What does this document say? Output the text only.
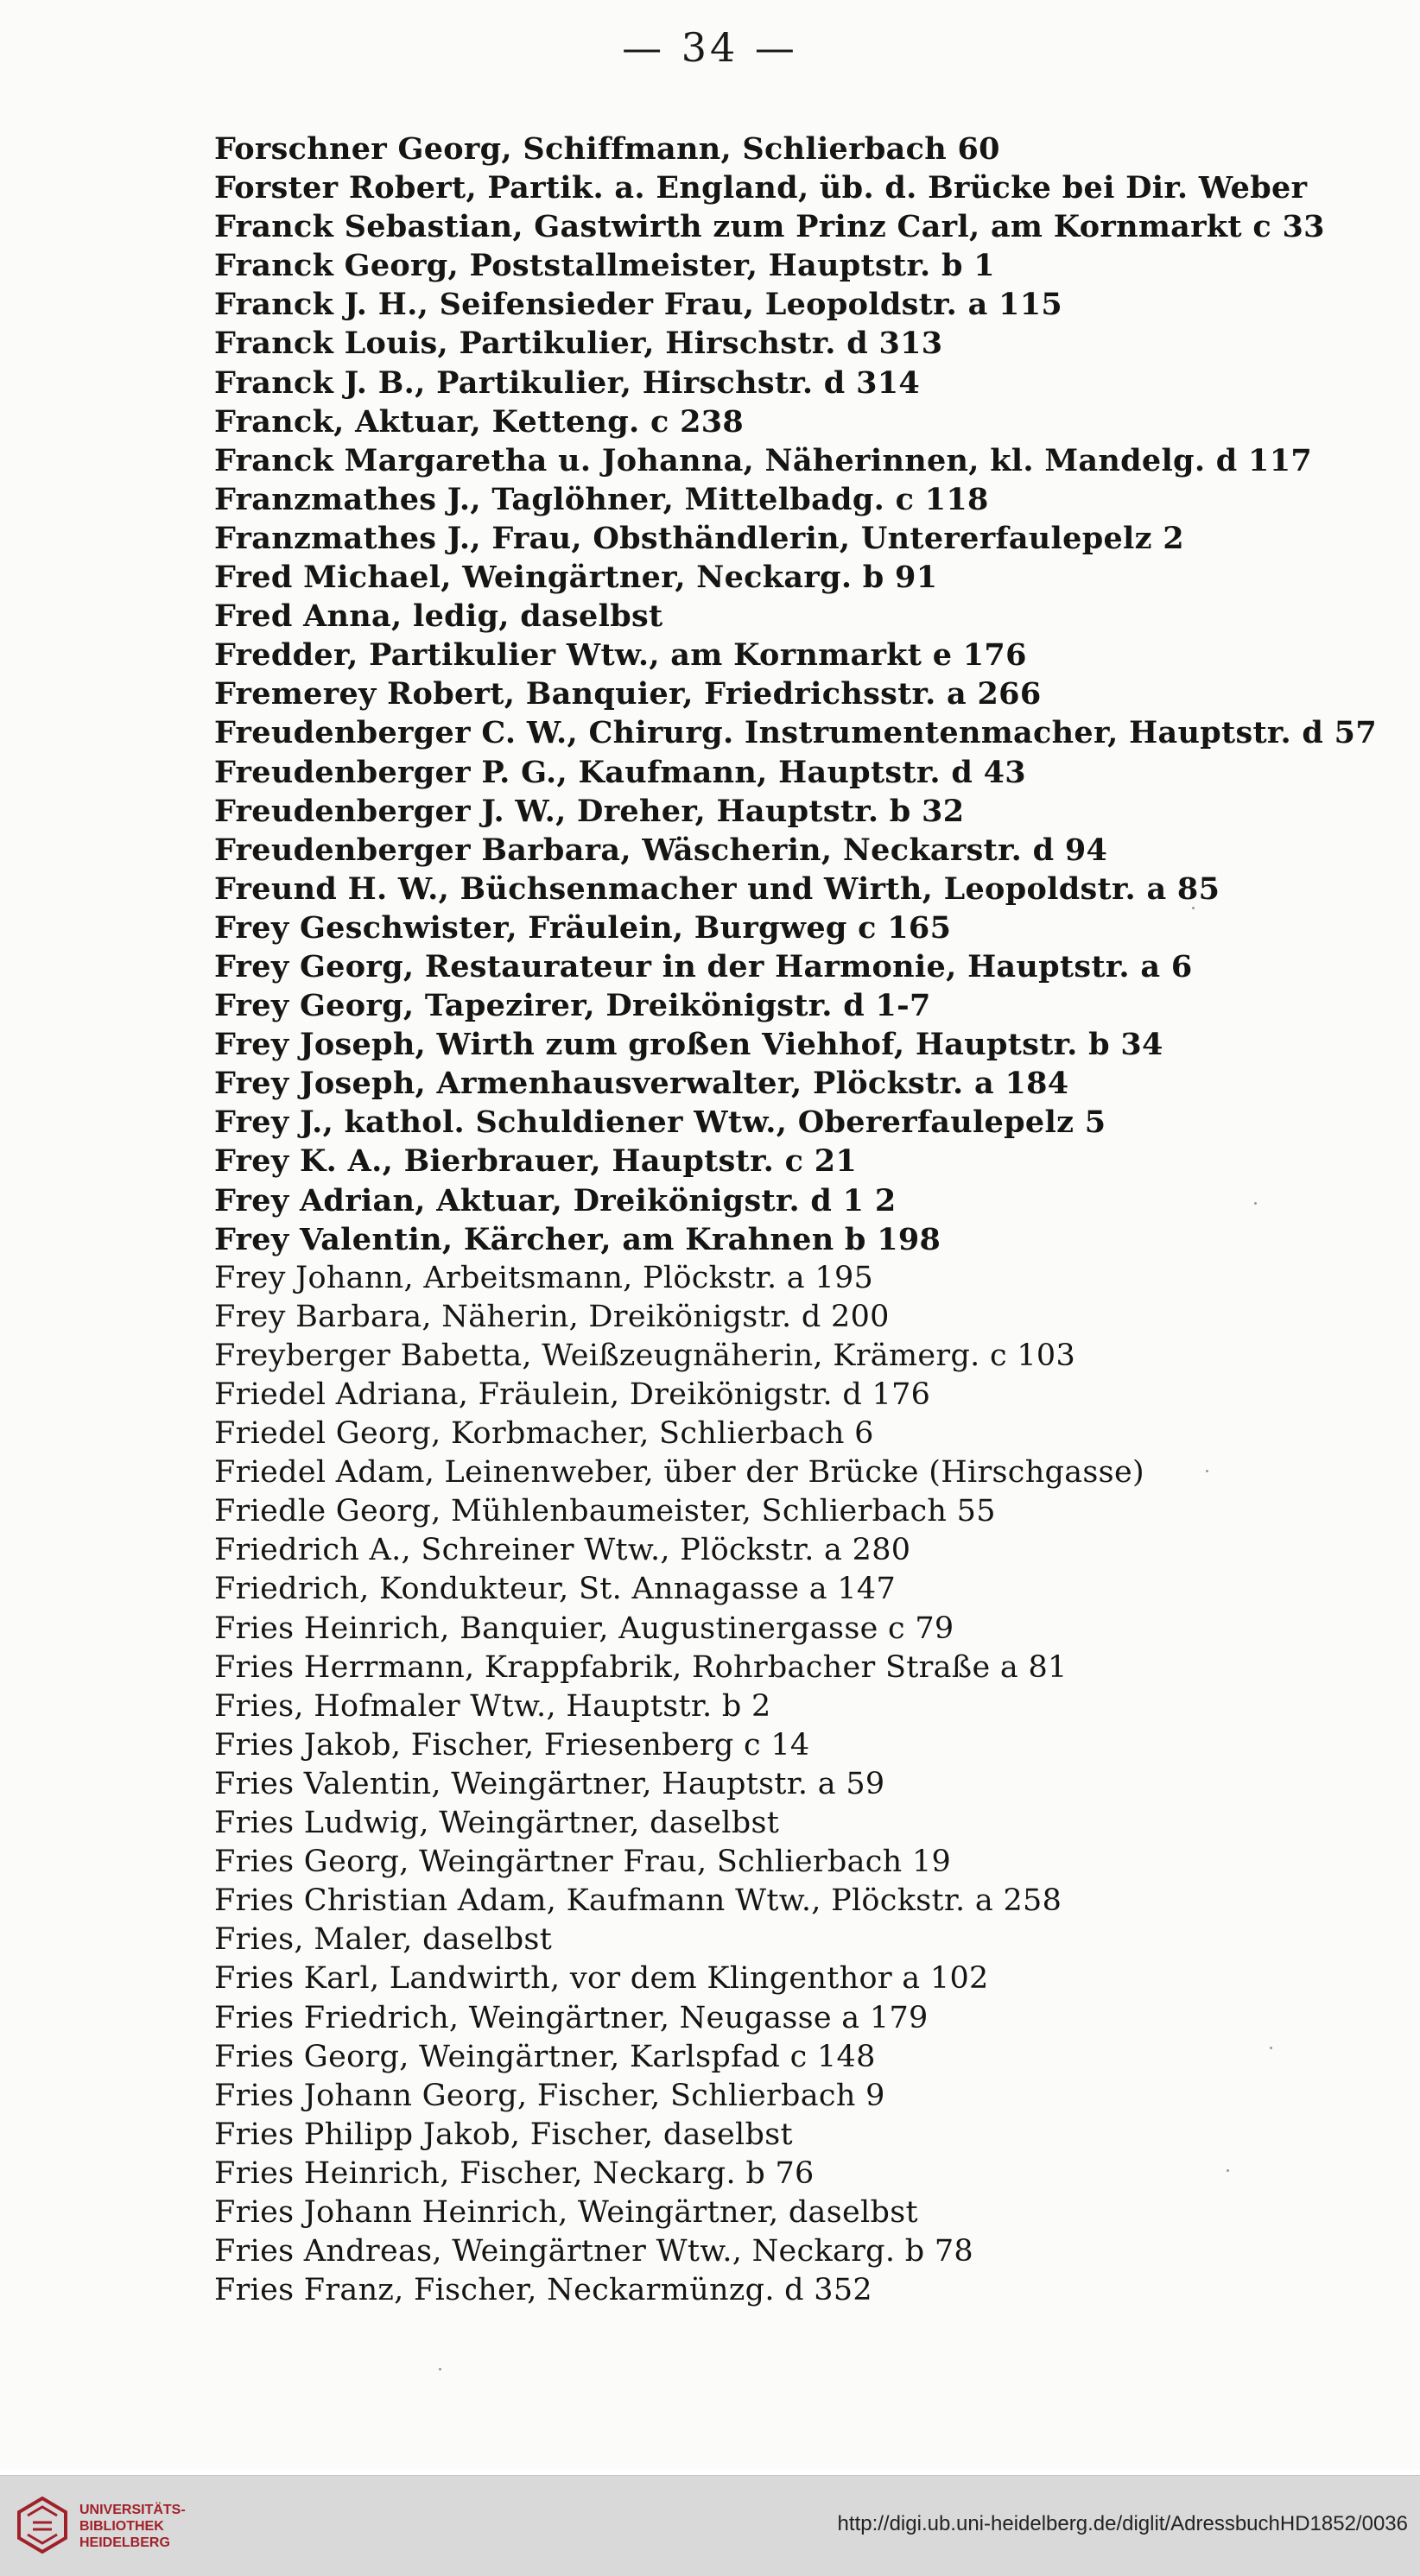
— 34 —
Forschner Georg, Schiffmann, Schlierbach 60
Forster Robert, Partik. a. England, üb. d. Brücke bei Dir. Weber
Franck Sebastian, Gastwirth zum Prinz Carl, am Kornmarkt c 33
Franck Georg, Poststallmeister, Hauptstr. b 1
Franck J. H., Seifensieder Frau, Leopoldstr. a 115
Franck Louis, Partikulier, Hirschstr. d 313
Franck J. B., Partikulier, Hirschstr. d 314
Franck, Aktuar, Ketteng. c 238
Franck Margaretha u. Johanna, Näherinnen, kl. Mandelg. d 117
Franzmathes J., Taglöhner, Mittelbadg. c 118
Franzmathes J., Frau, Obsthändlerin, Untererfaulepelz 2
Fred Michael, Weingärtner, Neckarg. b 91
Fred Anna, ledig, daselbst
Fredder, Partikulier Wtw., am Kornmarkt e 176
Fremerey Robert, Banquier, Friedrichsstr. a 266
Freudenberger C. W., Chirurg. Instrumentenmacher, Hauptstr. d 57
Freudenberger P. G., Kaufmann, Hauptstr. d 43
Freudenberger J. W., Dreher, Hauptstr. b 32
Freudenberger Barbara, Wäscherin, Neckarstr. d 94
Freund H. W., Büchsenmacher und Wirth, Leopoldstr. a 85
Frey Geschwister, Fräulein, Burgweg c 165
Frey Georg, Restaurateur in der Harmonie, Hauptstr. a 6
Frey Georg, Tapezirer, Dreikönigstr. d 1-7
Frey Joseph, Wirth zum großen Viehhof, Hauptstr. b 34
Frey Joseph, Armenhausverwalter, Plöckstr. a 184
Frey J., kathol. Schuldiener Wtw., Obererfaulepelz 5
Frey K. A., Bierbrauer, Hauptstr. c 21
Frey Adrian, Aktuar, Dreikönigstr. d 1 2
Frey Valentin, Kärcher, am Krahnen b 198
Frey Johann, Arbeitsmann, Plöckstr. a 195
Frey Barbara, Näherin, Dreikönigstr. d 200
Freyberger Babetta, Weißzeugnäherin, Krämerg. c 103
Friedel Adriana, Fräulein, Dreikönigstr. d 176
Friedel Georg, Korbmacher, Schlierbach 6
Friedel Adam, Leinenweber, über der Brücke (Hirschgasse)
Friedle Georg, Mühlenbaumeister, Schlierbach 55
Friedrich A., Schreiner Wtw., Plöckstr. a 280
Friedrich, Kondukteur, St. Annagasse a 147
Fries Heinrich, Banquier, Augustinergasse c 79
Fries Herrmann, Krappfabrik, Rohrbacher Straße a 81
Fries, Hofmaler Wtw., Hauptstr. b 2
Fries Jakob, Fischer, Friesenberg c 14
Fries Valentin, Weingärtner, Hauptstr. a 59
Fries Ludwig, Weingärtner, daselbst
Fries Georg, Weingärtner Frau, Schlierbach 19
Fries Christian Adam, Kaufmann Wtw., Plöckstr. a 258
Fries, Maler, daselbst
Fries Karl, Landwirth, vor dem Klingenthor a 102
Fries Friedrich, Weingärtner, Neugasse a 179
Fries Georg, Weingärtner, Karlspfad c 148
Fries Johann Georg, Fischer, Schlierbach 9
Fries Philipp Jakob, Fischer, daselbst
Fries Heinrich, Fischer, Neckarg. b 76
Fries Johann Heinrich, Weingärtner, daselbst
Fries Andreas, Weingärtner Wtw., Neckarg. b 78
Fries Franz, Fischer, Neckarmünzg. d 352
UNIVERSITÄTS-
BIBLIOTHEK
HEIDELBERG
http://digi.ub.uni-heidelberg.de/diglit/AdressbuchHD1852/0036
